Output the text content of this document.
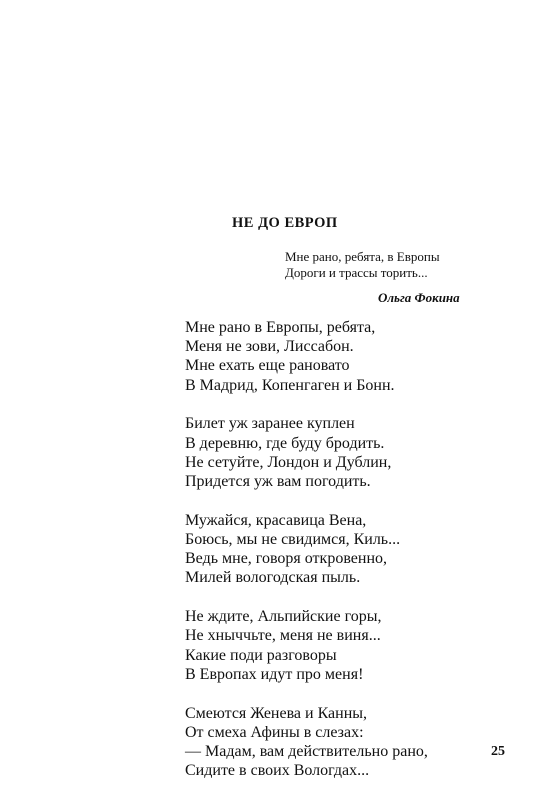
НЕ ДО ЕВРОП
Мне рано, ребята, в Европы
Дороги и трассы торить...
Ольга Фокина
Мне рано в Европы, ребята,
Меня не зови, Лиссабон.
Мне ехать еще рановато
В Мадрид, Копенгаген и Бонн.
Билет уж заранее куплен
В деревню, где буду бродить.
Не сетуйте, Лондон и Дублин,
Придется уж вам погодить.
Мужайся, красавица Вена,
Боюсь, мы не свидимся, Киль...
Ведь мне, говоря откровенно,
Милей вологодская пыль.
Не ждите, Альпийские горы,
Не хныччьте, меня не виня...
Какие поди разговоры
В Европах идут про меня!
Смеются Женева и Канны,
От смеха Афины в слезах:
— Мадам, вам действительно рано,
Сидите в своих Вологдах...
25
